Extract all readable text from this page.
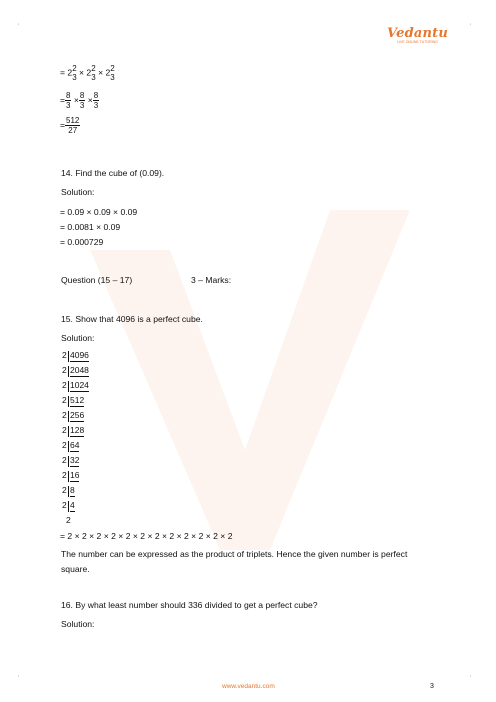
Vedantu
LIVE ONLINE TUTORING
'	'
'	'
= 2 2
3
× 2 2
3
× 2 2
3
= $\frac{8}{3} \times \frac{8}{3} \times \frac{8}{3}$
= $\frac{512}{27}$
14. Find the cube of (0.09).
Solution:
= 0.09 × 0.09 × 0.09
= 0.0081 × 0.09
= 0.000729
Question (15 – 17)	3 – Marks:
15. Show that 4096 is a perfect cube.
Solution:
2 4096
2 2048
2 1024
2 512
2 256
2 128
2 64
2 32
2 16
2 8
2 4
2
= 2 × 2 × 2 × 2 × 2 × 2 × 2 × 2 × 2 × 2 × 2 × 2
The number can be expressed as the product of triplets. Hence the given number is perfect
square.
16. By what least number should 336 divided to get a perfect cube?
Solution:
www.vedantu.com	3
